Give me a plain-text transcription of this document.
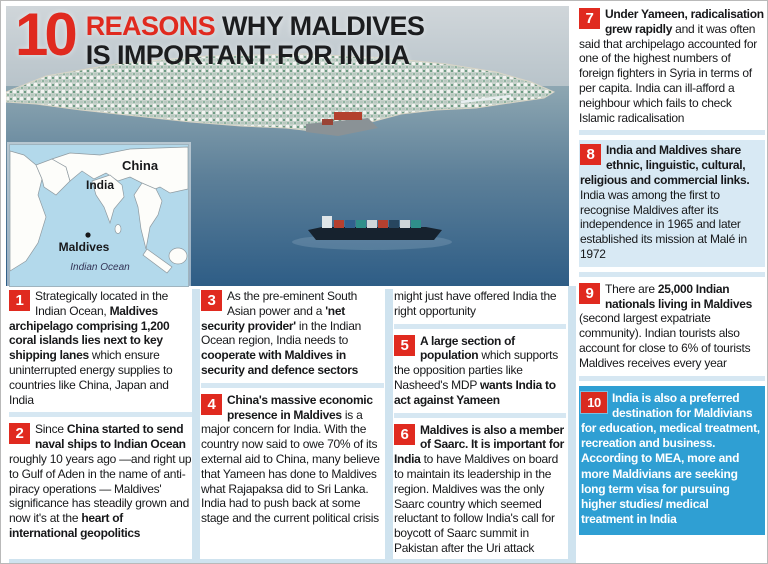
10 REASONS WHY MALDIVES
IS IMPORTANT FOR INDIA
China
India
Maldives
Indian Ocean

1 Strategically located in the Indian Ocean, Maldives archipelago comprising 1,200 coral islands lies next to key shipping lanes which ensure uninterrupted energy supplies to countries like China, Japan and India

2 Since China started to send naval ships to Indian Ocean roughly 10 years ago —and right up to Gulf of Aden in the name of anti-piracy operations — Maldives' significance has steadily grown and now it's at the heart of international geopolitics

3 As the pre-eminent South Asian power and a 'net security provider' in the Indian Ocean region, India needs to cooperate with Maldives in security and defence sectors

4 China's massive economic presence in Maldives is a major concern for India. With the country now said to owe 70% of its external aid to China, many believe that Yameen has done to Maldives what Rajapaksa did to Sri Lanka. India had to push back at some stage and the current political crisis

might just have offered India the right opportunity

5 A large section of population which supports the opposition parties like Nasheed's MDP wants India to act against Yameen

6 Maldives is also a member of Saarc. It is important for India to have Maldives on board to maintain its leadership in the region. Maldives was the only Saarc country which seemed reluctant to follow India's call for boycott of Saarc summit in Pakistan after the Uri attack

7 Under Yameen, radicalisation grew rapidly and it was often said that archipelago accounted for one of the highest numbers of foreign fighters in Syria in terms of per capita. India can ill-afford a neighbour which fails to check Islamic radicalisation

8 India and Maldives share ethnic, linguistic, cultural, religious and commercial links. India was among the first to recognise Maldives after its independence in 1965 and later established its mission at Malé in 1972

9 There are 25,000 Indian nationals living in Maldives (second largest expatriate community). Indian tourists also account for close to 6% of tourists Maldives receives every year

10 India is also a preferred destination for Maldivians for education, medical treatment, recreation and business. According to MEA, more and more Maldivians are seeking long term visa for pursuing higher studies/ medical treatment in India
